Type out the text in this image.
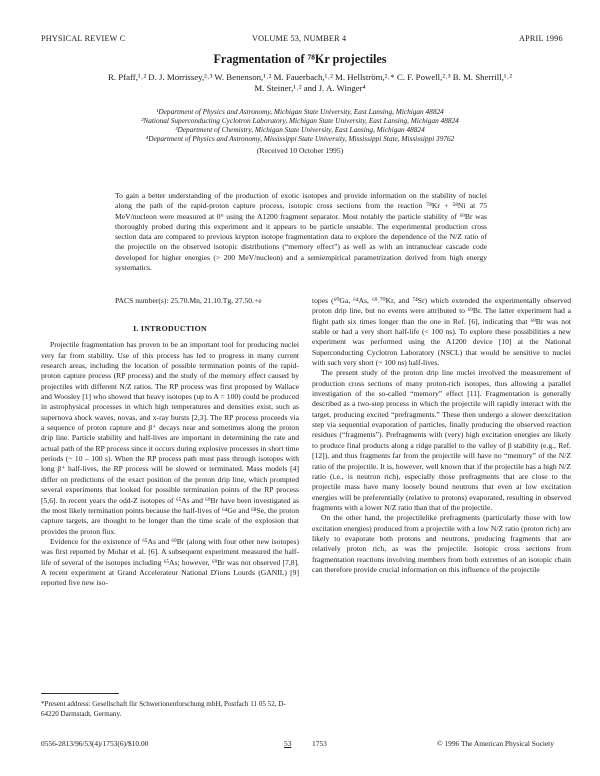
PHYSICAL REVIEW C	VOLUME 53, NUMBER 4	APRIL 1996
Fragmentation of ⁷⁸Kr projectiles
R. Pfaff,¹˒² D. J. Morrissey,²˒³ W. Benenson,¹˒² M. Fauerbach,¹˒² M. Hellström,²˒* C. F. Powell,²˒³ B. M. Sherrill,¹˒²
M. Steiner,¹˒² and J. A. Winger⁴
¹Department of Physics and Astronomy, Michigan State University, East Lansing, Michigan 48824
²National Superconducting Cyclotron Laboratory, Michigan State University, East Lansing, Michigan 48824
³Department of Chemistry, Michigan State University, East Lansing, Michigan 48824
⁴Department of Physics and Astronomy, Mississippi State University, Mississippi State, Mississippi 39762
(Received 10 October 1995)
To gain a better understanding of the production of exotic isotopes and provide information on the stability of nuclei along the path of the rapid-proton capture process, isotopic cross sections from the reaction ⁷⁸Kr + ⁵⁸Ni at 75 MeV/nucleon were measured at 0° using the A1200 fragment separator. Most notably the particle stability of ⁶⁹Br was thoroughly probed during this experiment and it appears to be particle unstable. The experimental production cross section data are compared to previous krypton isotope fragmentation data to explore the dependence of the N/Z ratio of the projectile on the observed isotopic distributions (“memory effect”) as well as with an intranuclear cascade code developed for higher energies (> 200 MeV/nucleon) and a semiempirical parametrization derived from high energy systematics.
PACS number(s): 25.70.Mn, 21.10.Tg, 27.50.+e

I. INTRODUCTION

Projectile fragmentation has proven to be an important tool for producing nuclei very far from stability. Use of this process has led to progress in many current research areas, including the location of possible termination points of the rapid-proton capture process (RP process) and the study of the memory effect caused by projectiles with different N/Z ratios. The RP process was first proposed by Wallace and Woosley [1] who showed that heavy isotopes (up to A = 100) could be produced in astrophysical processes in which high temperatures and densities exist, such as supernova shock waves, novas, and x-ray bursts [2,3]. The RP process proceeds via a sequence of proton capture and β⁺ decays near and sometimes along the proton drip line. Particle stability and half-lives are important in determining the rate and actual path of the RP process since it occurs during explosive processes in short time periods (~ 10 – 100 s). When the RP process path must pass through isotopes with long β⁺ half-lives, the RP process will be slowed or terminated. Mass models [4] differ on predictions of the exact position of the proton drip line, which prompted several experiments that looked for possible termination points of the RP process [5,6]. In recent years the odd-Z isotopes of ⁶⁵As and ⁶⁹Br have been investigated as the most likely termination points because the half-lives of ⁶⁴Ge and ⁶⁸Se, the proton capture targets, are thought to be longer than the time scale of the explosion that provides the proton flux.

Evidence for the existence of ⁶⁵As and ⁶⁹Br (along with four other new isotopes) was first reported by Mohar et al. [6]. A subsequent experiment measured the half-life of several of the isotopes including ⁶⁵As; however, ⁶⁹Br was not observed [7,8]. A recent experiment at Grand Accelerateur National D'ions Lourds (GANIL) [9] reported five new iso-

topes (⁶⁰Ga, ⁶⁴As, ⁶⁹˒⁷⁰Kr, and ⁷⁴Sr) which extended the experimentally observed proton drip line, but no events were attributed to ⁶⁹Br. The latter experiment had a flight path six times longer than the one in Ref. [6], indicating that ⁶⁹Br was not stable or had a very short half-life (< 100 ns). To explore these possibilities a new experiment was performed using the A1200 device [10] at the National Superconducting Cyclotron Laboratory (NSCL) that would be sensitive to nuclei with such very short (~ 100 ns) half-lives.

The present study of the proton drip line nuclei involved the measurement of production cross sections of many proton-rich isotopes, thus allowing a parallel investigation of the so-called “memory” effect [11]. Fragmentation is generally described as a two-step process in which the projectile will rapidly interact with the target, producing excited “prefragments.” These then undergo a slower deexcitation step via sequential evaporation of particles, finally producing the observed reaction residues (“fragments”). Prefragments with (very) high excitation energies are likely to produce final products along a ridge parallel to the valley of β stability (e.g., Ref. [12]), and thus fragments far from the projectile will have no “memory” of the N/Z ratio of the projectile. It is, however, well known that if the projectile has a high N/Z ratio (i.e., is neutron rich), especially those prefragments that are close to the projectile mass have many loosely bound neutrons that even at low excitation energies will be preferentially (relative to protons) evaporated, resulting in observed fragments with a lower N/Z ratio than that of the projectile.

On the other hand, the projectilelike prefragments (particularly those with low excitation energies) produced from a projectile with a low N/Z ratio (proton rich) are likely to evaporate both protons and neutrons, producing fragments that are relatively proton rich, as was the projectile. Isotopic cross sections from fragmentation reactions involving members from both extremes of an isotopic chain can therefore provide crucial information on this influence of the projectile

*Present address: Gesellschaft für Schwerionenforschung mbH, Postfach 11 05 52, D-64220 Darmstadt, Germany.
0556-2813/96/53(4)/1753(6)/$10.00	53	1753	© 1996 The American Physical Society
